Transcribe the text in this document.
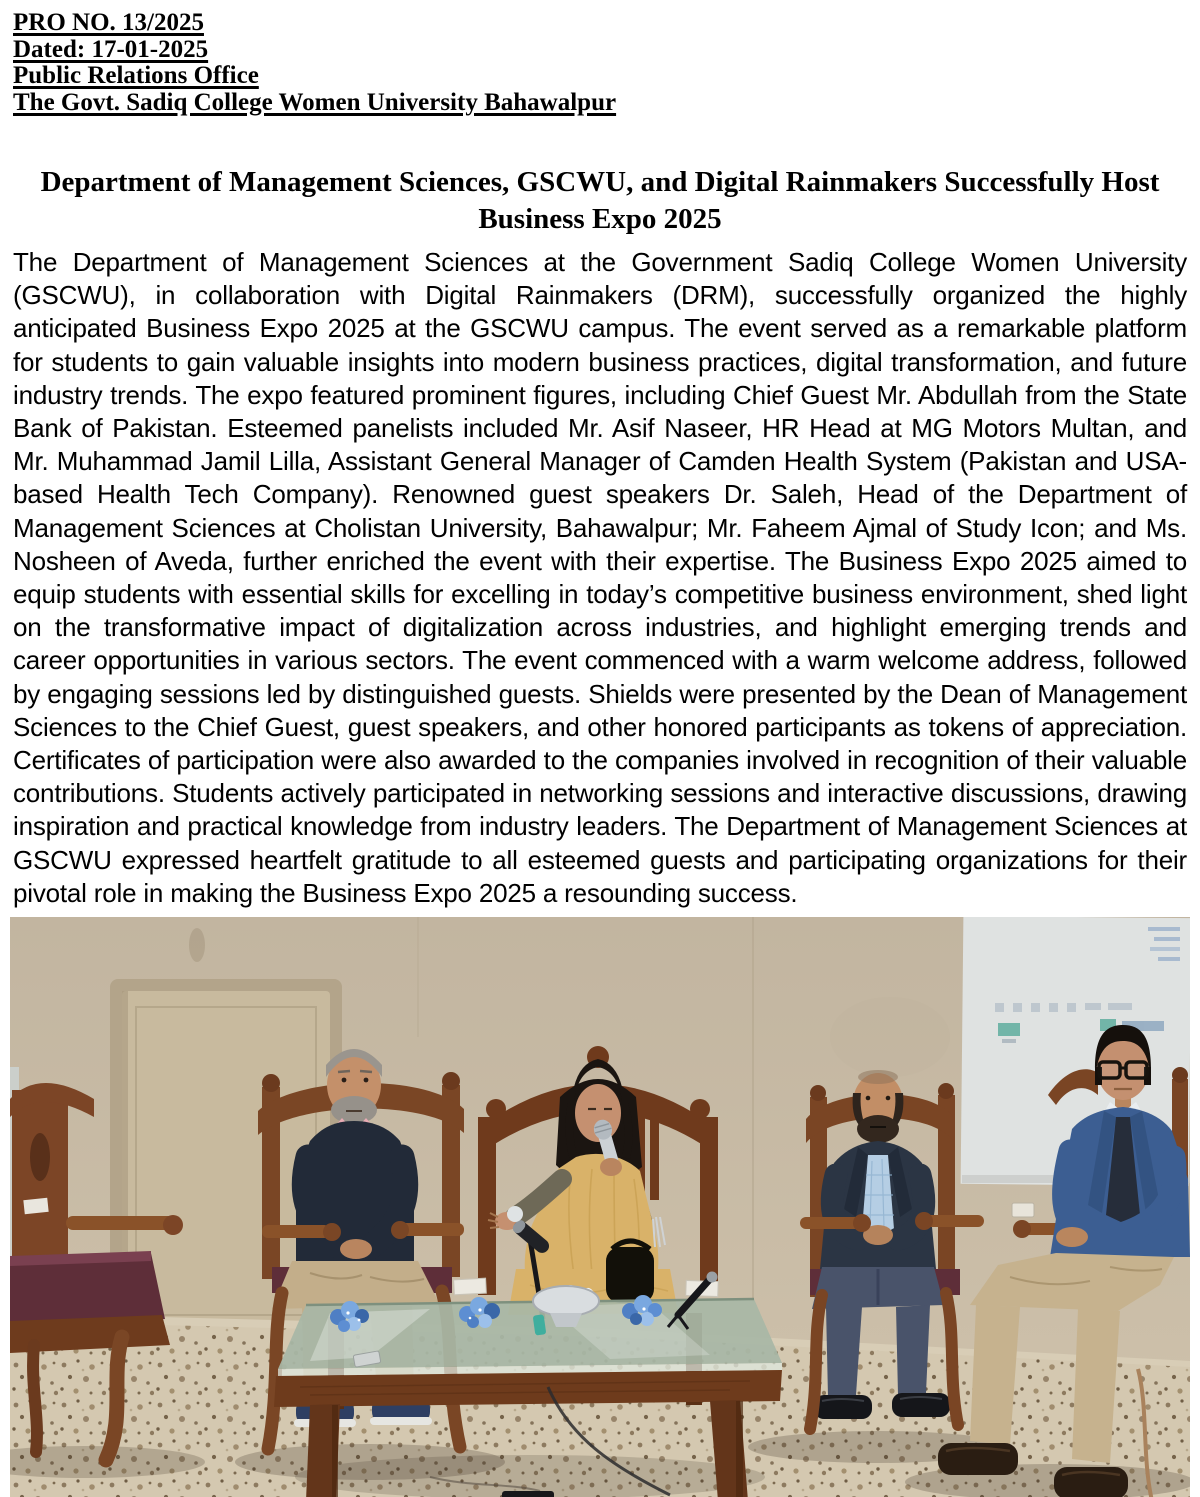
PRO NO. 13/2025
Dated: 17-01-2025
Public Relations Office
The Govt. Sadiq College Women University Bahawalpur
Department of Management Sciences, GSCWU, and Digital Rainmakers Successfully Host Business Expo 2025
The Department of Management Sciences at the Government Sadiq College Women University (GSCWU), in collaboration with Digital Rainmakers (DRM), successfully organized the highly anticipated Business Expo 2025 at the GSCWU campus. The event served as a remarkable platform for students to gain valuable insights into modern business practices, digital transformation, and future industry trends. The expo featured prominent figures, including Chief Guest Mr. Abdullah from the State Bank of Pakistan. Esteemed panelists included Mr. Asif Naseer, HR Head at MG Motors Multan, and Mr. Muhammad Jamil Lilla, Assistant General Manager of Camden Health System (Pakistan and USA-based Health Tech Company). Renowned guest speakers Dr. Saleh, Head of the Department of Management Sciences at Cholistan University, Bahawalpur; Mr. Faheem Ajmal of Study Icon; and Ms. Nosheen of Aveda, further enriched the event with their expertise. The Business Expo 2025 aimed to equip students with essential skills for excelling in today’s competitive business environment, shed light on the transformative impact of digitalization across industries, and highlight emerging trends and career opportunities in various sectors. The event commenced with a warm welcome address, followed by engaging sessions led by distinguished guests. Shields were presented by the Dean of Management Sciences to the Chief Guest, guest speakers, and other honored participants as tokens of appreciation. Certificates of participation were also awarded to the companies involved in recognition of their valuable contributions. Students actively participated in networking sessions and interactive discussions, drawing inspiration and practical knowledge from industry leaders. The Department of Management Sciences at GSCWU expressed heartfelt gratitude to all esteemed guests and participating organizations for their pivotal role in making the Business Expo 2025 a resounding success.
